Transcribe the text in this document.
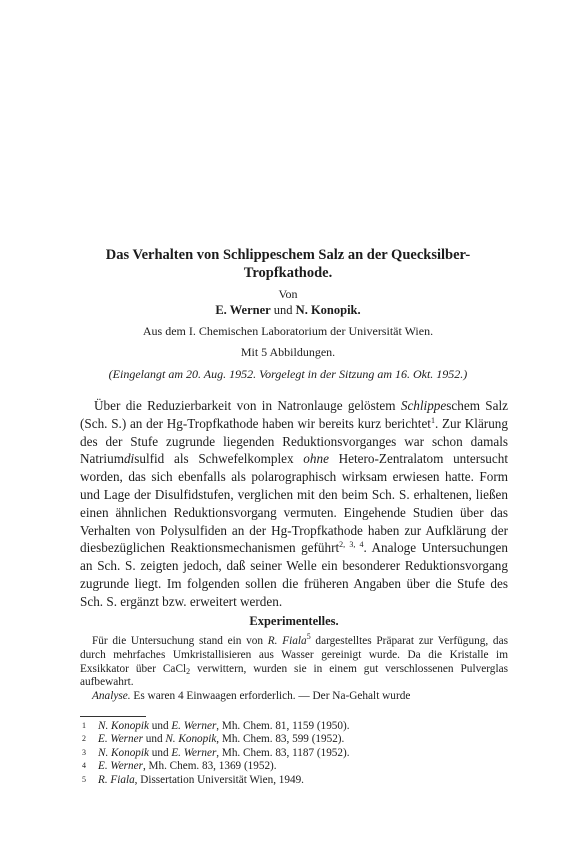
Das Verhalten von Schlippeschem Salz an der Quecksilber-
Tropfkathode.
Von
E. Werner und N. Konopik.
Aus dem I. Chemischen Laboratorium der Universität Wien.
Mit 5 Abbildungen.
(Eingelangt am 20. Aug. 1952. Vorgelegt in der Sitzung am 16. Okt. 1952.)

Über die Reduzierbarkeit von in Natronlauge gelöstem Schlippeschem Salz (Sch. S.) an der Hg-Tropfkathode haben wir bereits kurz berichtet$^1$. Zur Klärung des der Stufe zugrunde liegenden Reduktionsvorganges war schon damals Natriumdisulfid als Schwefelkomplex ohne Hetero-Zentralatom untersucht worden, das sich ebenfalls als polarographisch wirksam erwiesen hatte. Form und Lage der Disulfidstufen, verglichen mit den beim Sch. S. erhaltenen, ließen einen ähnlichen Reduktionsvorgang vermuten. Eingehende Studien über das Verhalten von Polysulfiden an der Hg-Tropfkathode haben zur Aufklärung der diesbezüglichen Reaktionsmechanismen geführt$^{2, 3, 4}$. Analoge Untersuchungen an Sch. S. zeigten jedoch, daß seiner Welle ein besonderer Reduktionsvorgang zugrunde liegt. Im folgenden sollen die früheren Angaben über die Stufe des Sch. S. ergänzt bzw. erweitert werden.

Experimentelles.

Für die Untersuchung stand ein von R. Fiala$^5$ dargestelltes Präparat zur Verfügung, das durch mehrfaches Umkristallisieren aus Wasser gereinigt wurde. Da die Kristalle im Exsikkator über CaCl$_2$ verwittern, wurden sie in einem gut verschlossenen Pulverglas aufbewahrt.

Analyse. Es waren 4 Einwaagen erforderlich. — Der Na-Gehalt wurde

1	N. Konopik und E. Werner, Mh. Chem. 81, 1159 (1950).
2	E. Werner und N. Konopik, Mh. Chem. 83, 599 (1952).
3	N. Konopik und E. Werner, Mh. Chem. 83, 1187 (1952).
4	E. Werner, Mh. Chem. 83, 1369 (1952).
5	R. Fiala, Dissertation Universität Wien, 1949.
